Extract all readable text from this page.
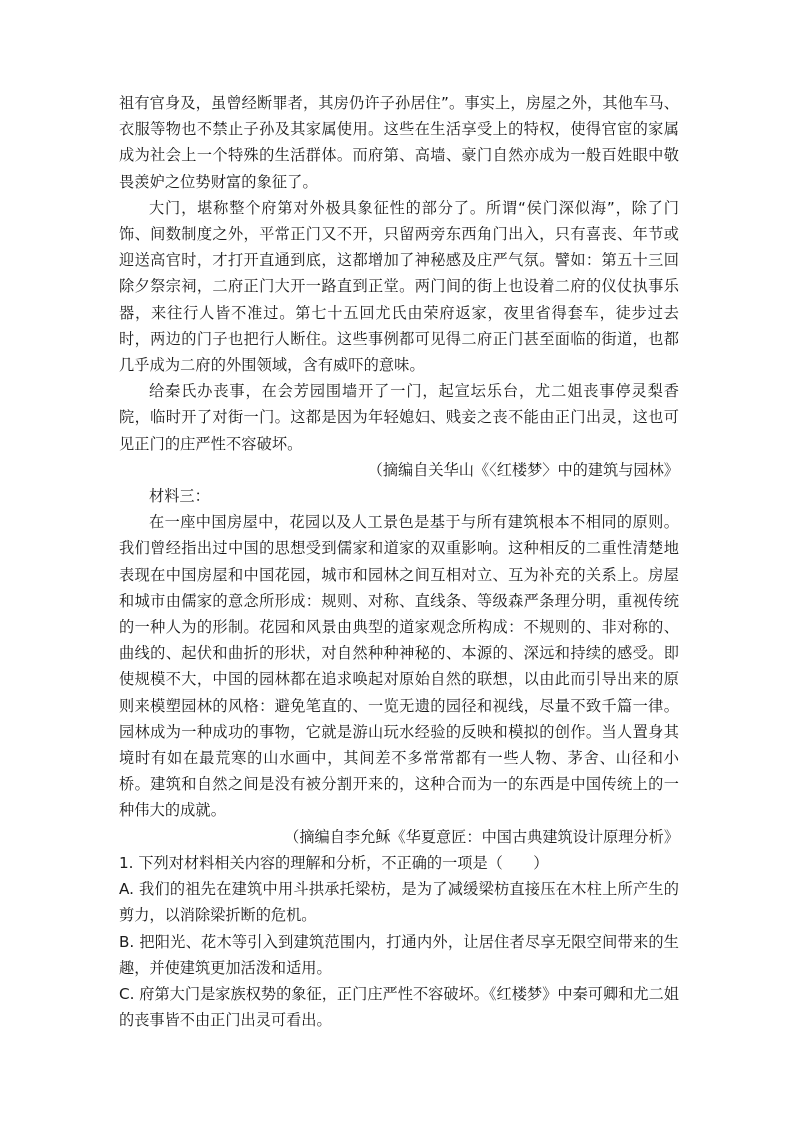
祖有官身及，虽曾经断罪者，其房仍许子孙居住”。事实上，房屋之外，其他车马、衣服等物也不禁止子孙及其家属使用。这些在生活享受上的特权，使得官宦的家属成为社会上一个特殊的生活群体。而府第、高墙、豪门自然亦成为一般百姓眼中敬畏羡妒之位势财富的象征了。

大门，堪称整个府第对外极具象征性的部分了。所谓“侯门深似海”，除了门饰、间数制度之外，平常正门又不开，只留两旁东西角门出入，只有喜丧、年节或迎送高官时，才打开直通到底，这都增加了神秘感及庄严气氛。譬如：第五十三回除夕祭宗祠，二府正门大开一路直到正堂。两门间的街上也设着二府的仪仗执事乐器，来往行人皆不准过。第七十五回尤氏由荣府返家，夜里省得套车，徒步过去时，两边的门子也把行人断住。这些事例都可见得二府正门甚至面临的街道，也都几乎成为二府的外围领域，含有威吓的意味。

给秦氏办丧事，在会芳园围墙开了一门，起宣坛乐台，尤二姐丧事停灵梨香院，临时开了对街一门。这都是因为年轻媳妇、贱妾之丧不能由正门出灵，这也可见正门的庄严性不容破坏。

（摘编自关华山《〈红楼梦〉中的建筑与园林》

材料三：

在一座中国房屋中，花园以及人工景色是基于与所有建筑根本不相同的原则。我们曾经指出过中国的思想受到儒家和道家的双重影响。这种相反的二重性清楚地表现在中国房屋和中国花园，城市和园林之间互相对立、互为补充的关系上。房屋和城市由儒家的意念所形成：规则、对称、直线条、等级森严条理分明，重视传统的一种人为的形制。花园和风景由典型的道家观念所构成：不规则的、非对称的、曲线的、起伏和曲折的形状，对自然种种神秘的、本源的、深远和持续的感受。即使规模不大，中国的园林都在追求唤起对原始自然的联想，以由此而引导出来的原则来模塑园林的风格：避免笔直的、一览无遗的园径和视线，尽量不致千篇一律。园林成为一种成功的事物，它就是游山玩水经验的反映和模拟的创作。当人置身其境时有如在最荒寒的山水画中，其间差不多常常都有一些人物、茅舍、山径和小桥。建筑和自然之间是没有被分割开来的，这种合而为一的东西是中国传统上的一种伟大的成就。

（摘编自李允稣《华夏意匠：中国古典建筑设计原理分析》

1. 下列对材料相关内容的理解和分析，不正确的一项是（　　）

A. 我们的祖先在建筑中用斗拱承托梁枋，是为了减缓梁枋直接压在木柱上所产生的剪力，以消除梁折断的危机。

B. 把阳光、花木等引入到建筑范围内，打通内外，让居住者尽享无限空间带来的生趣，并使建筑更加活泼和适用。

C. 府第大门是家族权势的象征，正门庄严性不容破坏。《红楼梦》中秦可卿和尤二姐的丧事皆不由正门出灵可看出。
